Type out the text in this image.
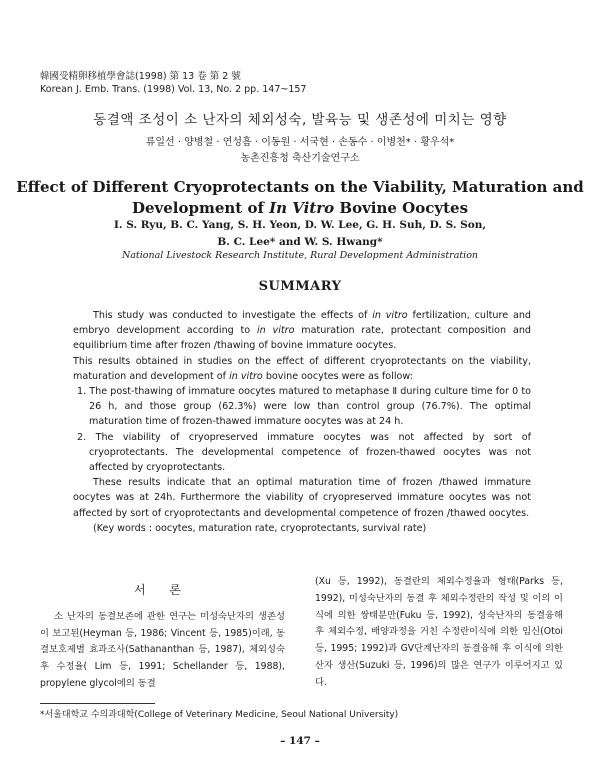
韓國受精卵移植學會誌(1998) 第 13 卷 第 2 號
Korean J. Emb. Trans. (1998) Vol. 13, No. 2 pp. 147~157
동결액 조성이 소 난자의 체외성숙, 발육능 및 생존성에 미치는 영향
류일선 · 양병철 · 연성흠 · 이동원 · 서국현 · 손동수 · 이병천* · 황우석*
농촌진흥청 축산기술연구소
Effect of Different Cryoprotectants on the Viability, Maturation and
Development of In Vitro Bovine Oocytes
I. S. Ryu, B. C. Yang, S. H. Yeon, D. W. Lee, G. H. Suh, D. S. Son,
B. C. Lee* and W. S. Hwang*
National Livestock Research Institute, Rural Development Administration
SUMMARY

This study was conducted to investigate the effects of in vitro fertilization, culture and embryo development according to in vitro maturation rate, protectant composition and equilibrium time after frozen /thawing of bovine immature oocytes.

This results obtained in studies on the effect of different cryoprotectants on the viability, maturation and development of in vitro bovine oocytes were as follow:

1. The post-thawing of immature oocytes matured to metaphase Ⅱ during culture time for 0 to 26 h, and those group (62.3%) were low than control group (76.7%). The optimal maturation time of frozen-thawed immature oocytes was at 24 h.

2. The viability of cryopreserved immature oocytes was not affected by sort of cryoprotectants. The developmental competence of frozen-thawed oocytes was not affected by cryoprotectants.

These results indicate that an optimal maturation time of frozen /thawed immature oocytes was at 24h. Furthermore the viability of cryopreserved immature oocytes was not affected by sort of cryoprotectants and developmental competence of frozen /thawed oocytes.

(Key words : oocytes, maturation rate, cryoprotectants, survival rate)

서 론

소 난자의 동결보존에 관한 연구는 미성숙난자의 생존성이 보고된(Heyman 등, 1986; Vincent 등, 1985)이래, 동결보호제별 효과조사(Sathananthan 등, 1987), 체외성숙 후 수정율( Lim 등, 1991; Schellander 등, 1988), propylene glycol에의 동결

(Xu 등, 1992), 동결란의 체외수정율과 형태(Parks 등, 1992), 미성숙난자의 동결 후 체외수정란의 작성 및 이의 이식에 의한 쌍태분만(Fuku 등, 1992), 성숙난자의 동결융해 후 체외수정, 배양과정을 거친 수정란이식에 의한 임신(Otoi 등, 1995; 1992)과 GV단계난자의 동결융해 후 이식에 의한 산자 생산(Suzuki 등, 1996)의 많은 연구가 이루어지고 있다.

*서울대학교 수의과대학(College of Veterinary Medicine, Seoul National University)
– 147 –
